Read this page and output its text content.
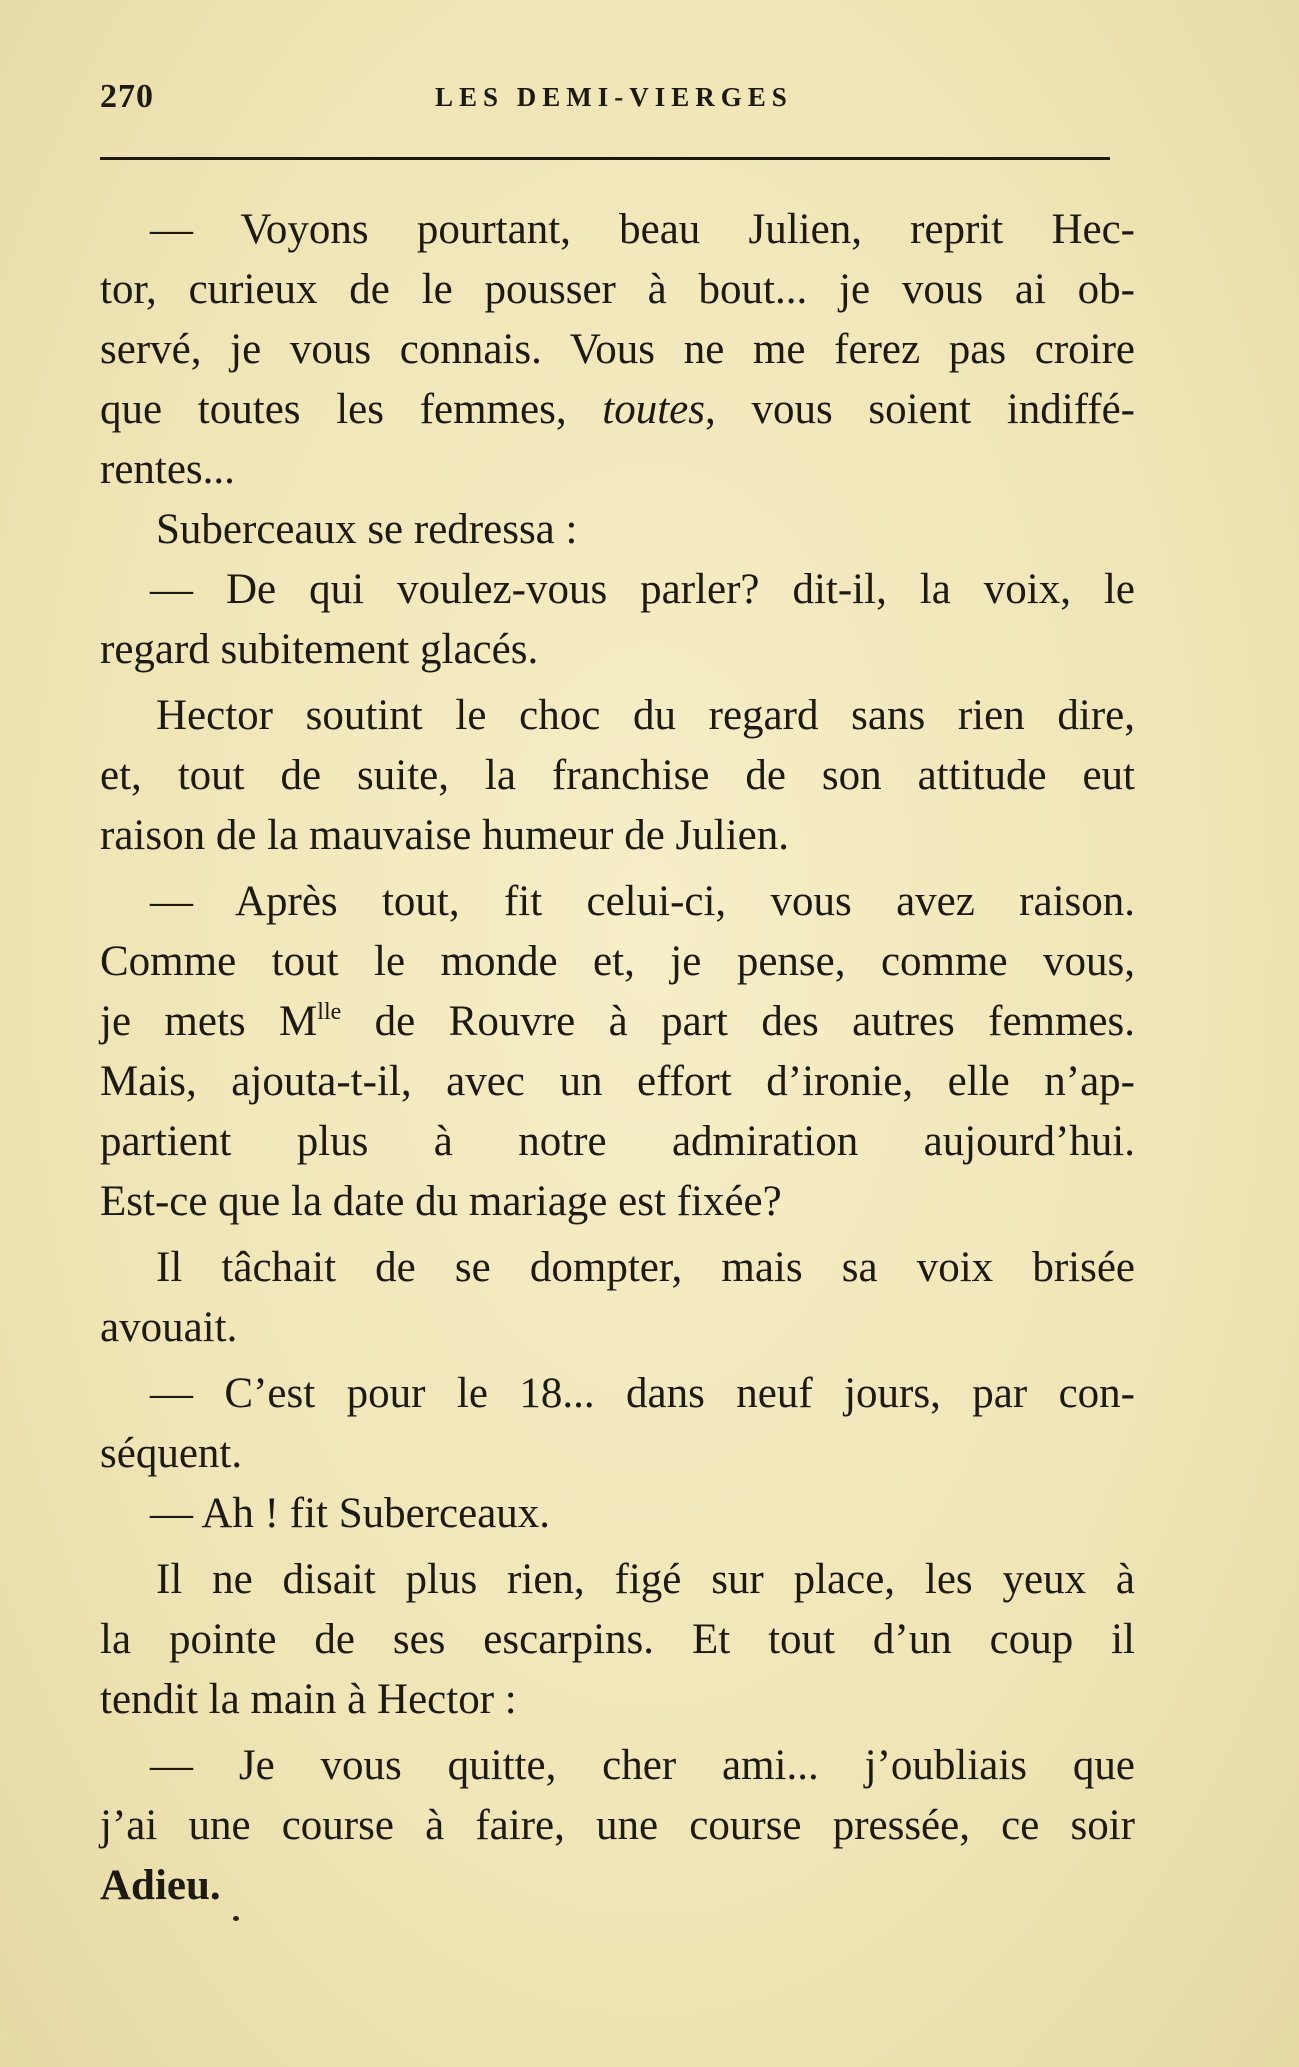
270	LES DEMI-VIERGES
— Voyons pourtant, beau Julien, reprit Hec-
tor, curieux de le pousser à bout... je vous ai ob-
servé, je vous connais. Vous ne me ferez pas croire
que toutes les femmes, toutes, vous soient indiffé-
rentes...
Suberceaux se redressa :
— De qui voulez-vous parler? dit-il, la voix, le
regard subitement glacés.
Hector soutint le choc du regard sans rien dire,
et, tout de suite, la franchise de son attitude eut
raison de la mauvaise humeur de Julien.
— Après tout, fit celui-ci, vous avez raison.
Comme tout le monde et, je pense, comme vous,
je mets $M^{lle}$ de Rouvre à part des autres femmes.
Mais, ajouta-t-il, avec un effort d’ironie, elle n’ap-
partient plus à notre admiration aujourd’hui.
Est-ce que la date du mariage est fixée?
Il tâchait de se dompter, mais sa voix brisée
avouait.
— C’est pour le 18... dans neuf jours, par con-
séquent.
— Ah ! fit Suberceaux.
Il ne disait plus rien, figé sur place, les yeux à
la pointe de ses escarpins. Et tout d’un coup il
tendit la main à Hector :
— Je vous quitte, cher ami... j’oubliais que
j’ai une course à faire, une course pressée, ce soir
Adieu.
